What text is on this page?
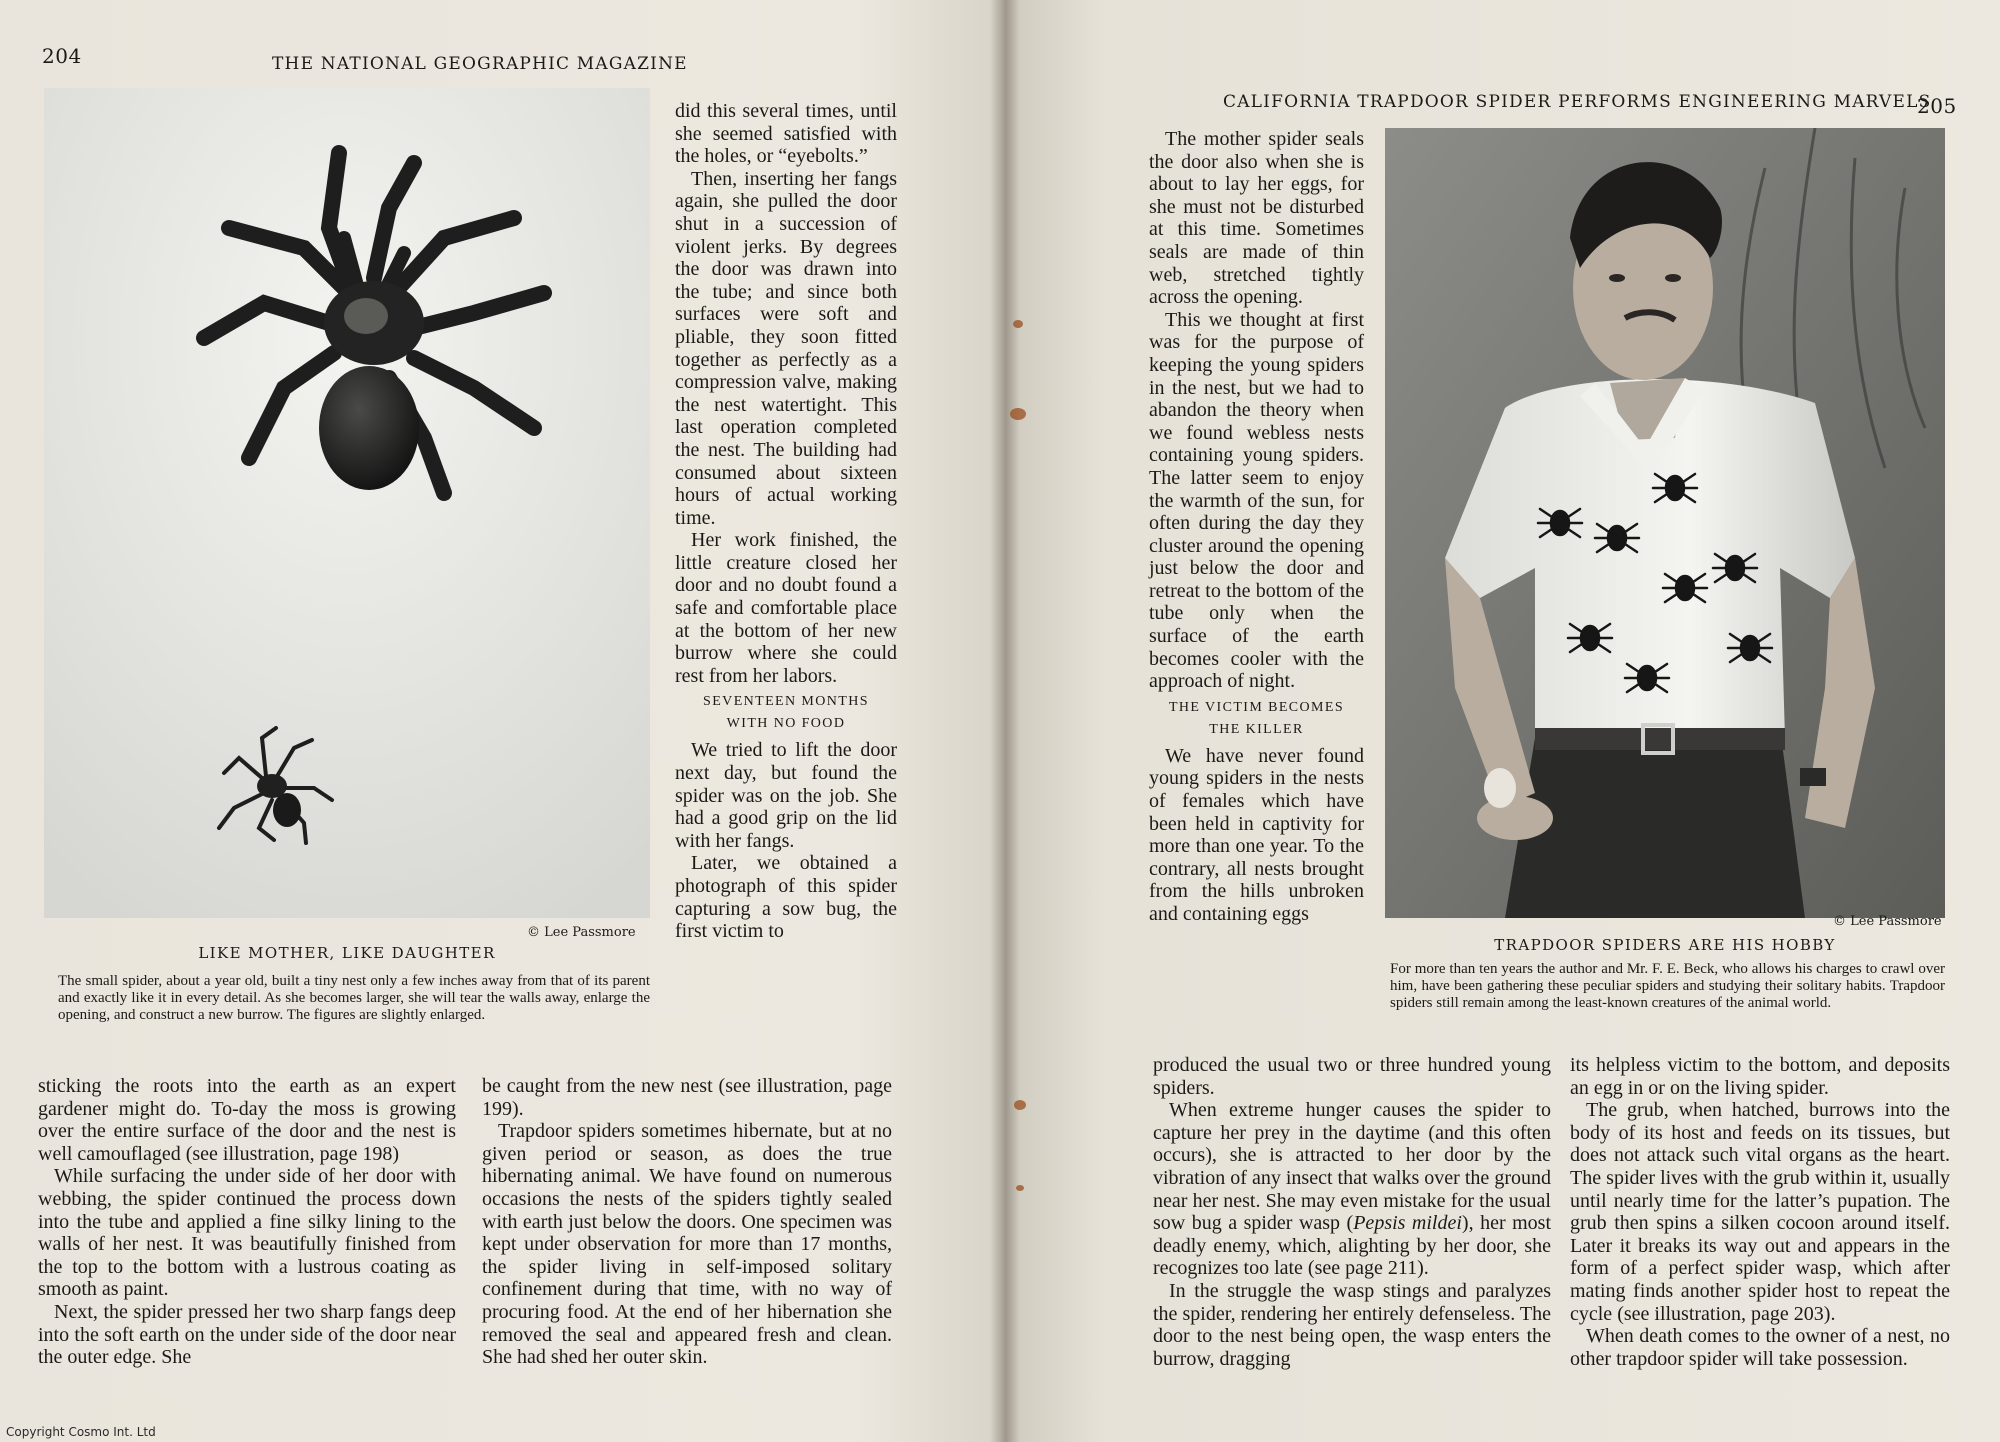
204	THE NATIONAL GEOGRAPHIC MAGAZINE
© Lee Passmore
LIKE MOTHER, LIKE DAUGHTER

The small spider, about a year old, built a tiny nest only a few inches away from that of its parent and exactly like it in every detail. As she becomes larger, she will tear the walls away, enlarge the opening, and construct a new burrow. The figures are slightly enlarged.

did this several times, until she seemed satisfied with the holes, or “eyebolts.”

Then, inserting her fangs again, she pulled the door shut in a succession of violent jerks. By degrees the door was drawn into the tube; and since both surfaces were soft and pliable, they soon fitted together as perfectly as a compression valve, making the nest watertight. This last operation completed the nest. The building had consumed about sixteen hours of actual working time.

Her work finished, the little creature closed her door and no doubt found a safe and comfortable place at the bottom of her new burrow where she could rest from her labors.

SEVENTEEN MONTHS
WITH NO FOOD

We tried to lift the door next day, but found the spider was on the job. She had a good grip on the lid with her fangs.

Later, we obtained a photograph of this spider capturing a sow bug, the first victim to

sticking the roots into the earth as an expert gardener might do. To-day the moss is growing over the entire surface of the door and the nest is well camouflaged (see illustration, page 198)

While surfacing the under side of her door with webbing, the spider continued the process down into the tube and applied a fine silky lining to the walls of her nest. It was beautifully finished from the top to the bottom with a lustrous coating as smooth as paint.

Next, the spider pressed her two sharp fangs deep into the soft earth on the under side of the door near the outer edge. She

be caught from the new nest (see illustration, page 199).

Trapdoor spiders sometimes hibernate, but at no given period or season, as does the true hibernating animal. We have found on numerous occasions the nests of the spiders tightly sealed with earth just below the doors. One specimen was kept under observation for more than 17 months, the spider living in self-imposed solitary confinement during that time, with no way of procuring food. At the end of her hibernation she removed the seal and appeared fresh and clean. She had shed her outer skin.

CALIFORNIA TRAPDOOR SPIDER PERFORMS ENGINEERING MARVELS
205

The mother spider seals the door also when she is about to lay her eggs, for she must not be disturbed at this time. Sometimes seals are made of thin web, stretched tightly across the opening.

This we thought at first was for the purpose of keeping the young spiders in the nest, but we had to abandon the theory when we found webless nests containing young spiders. The latter seem to enjoy the warmth of the sun, for often during the day they cluster around the opening just below the door and retreat to the bottom of the tube only when the surface of the earth becomes cooler with the approach of night.

THE VICTIM BECOMES
THE KILLER

We have never found young spiders in the nests of females which have been held in captivity for more than one year. To the contrary, all nests brought from the hills unbroken and containing eggs	© Lee Passmore
TRAPDOOR SPIDERS ARE HIS HOBBY

For more than ten years the author and Mr. F. E. Beck, who allows his charges to crawl over him, have been gathering these peculiar spiders and studying their solitary habits. Trapdoor spiders still remain among the least-known creatures of the animal world.

produced the usual two or three hundred young spiders.

When extreme hunger causes the spider to capture her prey in the daytime (and this often occurs), she is attracted to her door by the vibration of any insect that walks over the ground near her nest. She may even mistake for the usual sow bug a spider wasp (Pepsis mildei), her most deadly enemy, which, alighting by her door, she recognizes too late (see page 211).

In the struggle the wasp stings and paralyzes the spider, rendering her entirely defenseless. The door to the nest being open, the wasp enters the burrow, dragging

its helpless victim to the bottom, and deposits an egg in or on the living spider.

The grub, when hatched, burrows into the body of its host and feeds on its tissues, but does not attack such vital organs as the heart. The spider lives with the grub within it, usually until nearly time for the latter’s pupation. The grub then spins a silken cocoon around itself. Later it breaks its way out and appears in the form of a perfect spider wasp, which after mating finds another spider host to repeat the cycle (see illustration, page 203).

When death comes to the owner of a nest, no other trapdoor spider will take possession.

Copyright Cosmo Int. Ltd
